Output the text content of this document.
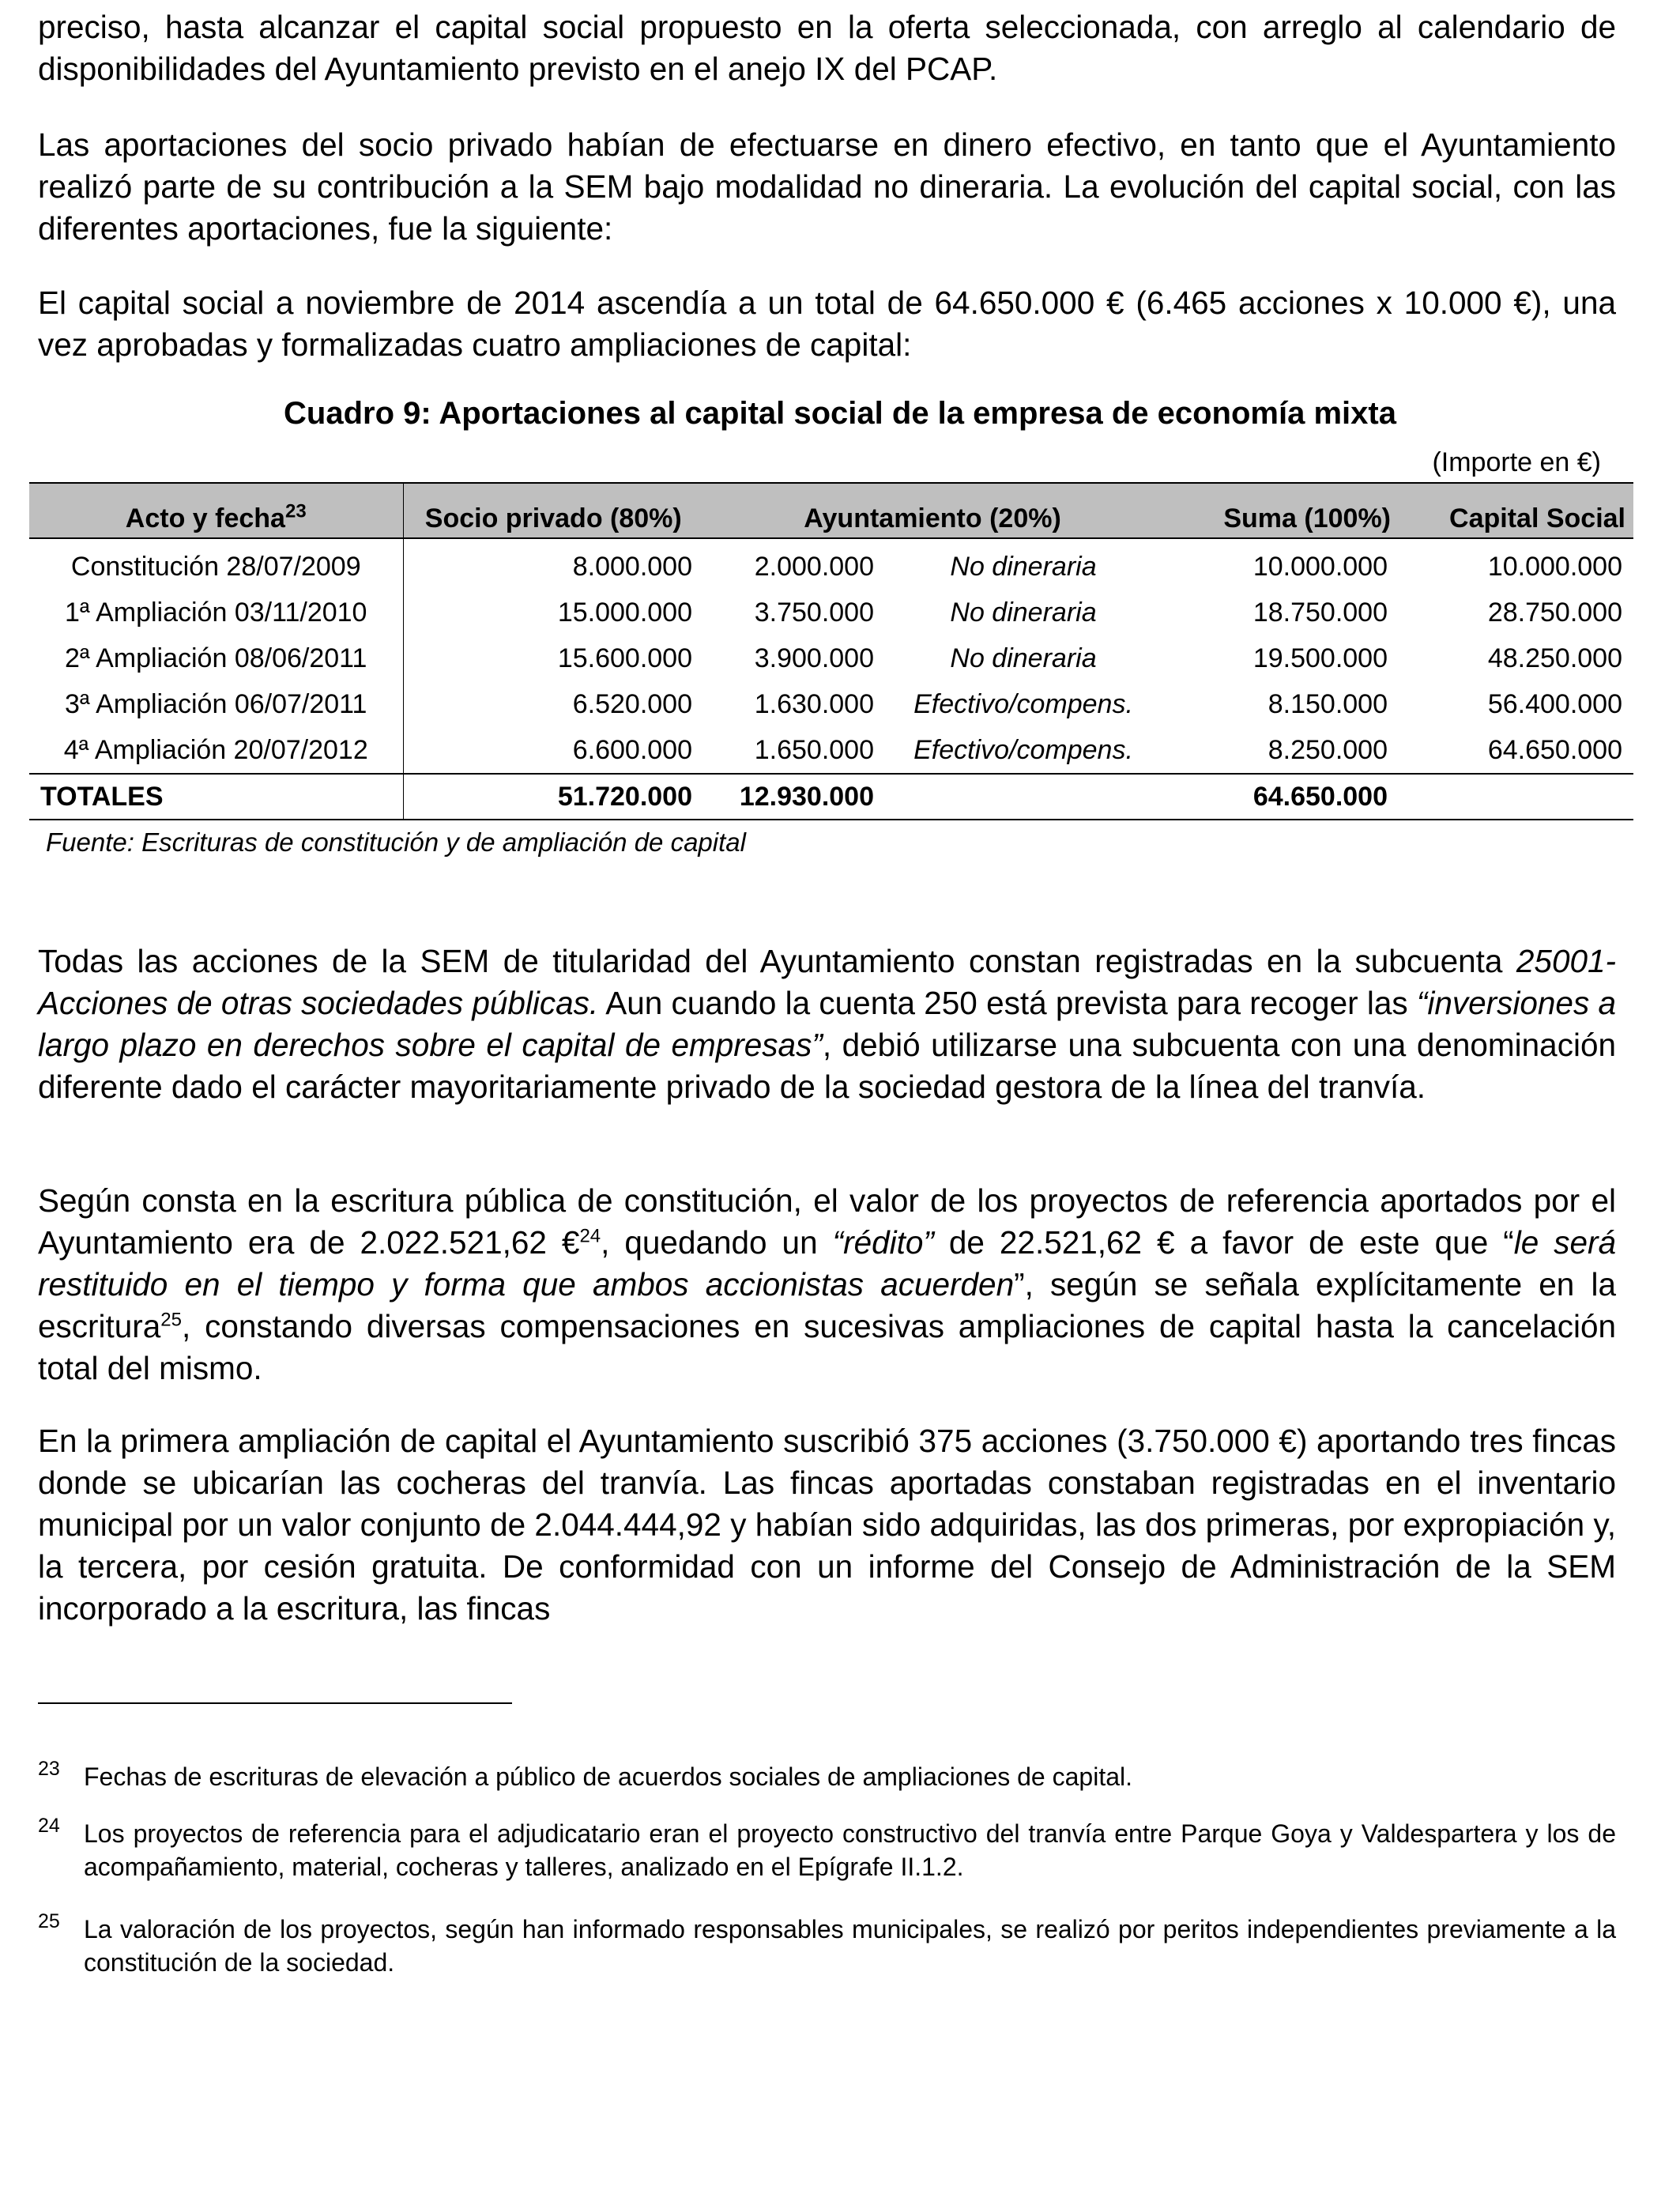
preciso, hasta alcanzar el capital social propuesto en la oferta seleccionada, con arreglo al calendario de disponibilidades del Ayuntamiento previsto en el anejo IX del PCAP.

Las aportaciones del socio privado habían de efectuarse en dinero efectivo, en tanto que el Ayuntamiento realizó parte de su contribución a la SEM bajo modalidad no dineraria. La evolución del capital social, con las diferentes aportaciones, fue la siguiente:

El capital social a noviembre de 2014 ascendía a un total de 64.650.000 € (6.465 acciones x 10.000 €), una vez aprobadas y formalizadas cuatro ampliaciones de capital:

Cuadro 9: Aportaciones al capital social de la empresa de economía mixta

(Importe en €)
Acto y fecha$^{23}$	Socio privado (80%)	Ayuntamiento (20%)		Suma (100%)	Capital Social
Constitución 28/07/2009	8.000.000	2.000.000	No dineraria	10.000.000	10.000.000
1ª Ampliación 03/11/2010	15.000.000	3.750.000	No dineraria	18.750.000	28.750.000
2ª Ampliación 08/06/2011	15.600.000	3.900.000	No dineraria	19.500.000	48.250.000
3ª Ampliación 06/07/2011	6.520.000	1.630.000	Efectivo/compens.	8.150.000	56.400.000
4ª Ampliación 20/07/2012	6.600.000	1.650.000	Efectivo/compens.	8.250.000	64.650.000
TOTALES	51.720.000	12.930.000		64.650.000	

Fuente: Escrituras de constitución y de ampliación de capital

Todas las acciones de la SEM de titularidad del Ayuntamiento constan registradas en la subcuenta 25001-Acciones de otras sociedades públicas. Aun cuando la cuenta 250 está prevista para recoger las “inversiones a largo plazo en derechos sobre el capital de empresas”, debió utilizarse una subcuenta con una denominación diferente dado el carácter mayoritariamente privado de la sociedad gestora de la línea del tranvía.

Según consta en la escritura pública de constitución, el valor de los proyectos de referencia aportados por el Ayuntamiento era de 2.022.521,62 €$^{24}$, quedando un “rédito” de 22.521,62 € a favor de este que “le será restituido en el tiempo y forma que ambos accionistas acuerden”, según se señala explícitamente en la escritura$^{25}$, constando diversas compensaciones en sucesivas ampliaciones de capital hasta la cancelación total del mismo.

En la primera ampliación de capital el Ayuntamiento suscribió 375 acciones (3.750.000 €) aportando tres fincas donde se ubicarían las cocheras del tranvía. Las fincas aportadas constaban registradas en el inventario municipal por un valor conjunto de 2.044.444,92 y habían sido adquiridas, las dos primeras, por expropiación y, la tercera, por cesión gratuita. De conformidad con un informe del Consejo de Administración de la SEM incorporado a la escritura, las fincas

23 Fechas de escrituras de elevación a público de acuerdos sociales de ampliaciones de capital.

24 Los proyectos de referencia para el adjudicatario eran el proyecto constructivo del tranvía entre Parque Goya y Valdespartera y los de acompañamiento, material, cocheras y talleres, analizado en el Epígrafe II.1.2.

25 La valoración de los proyectos, según han informado responsables municipales, se realizó por peritos independientes previamente a la constitución de la sociedad.
